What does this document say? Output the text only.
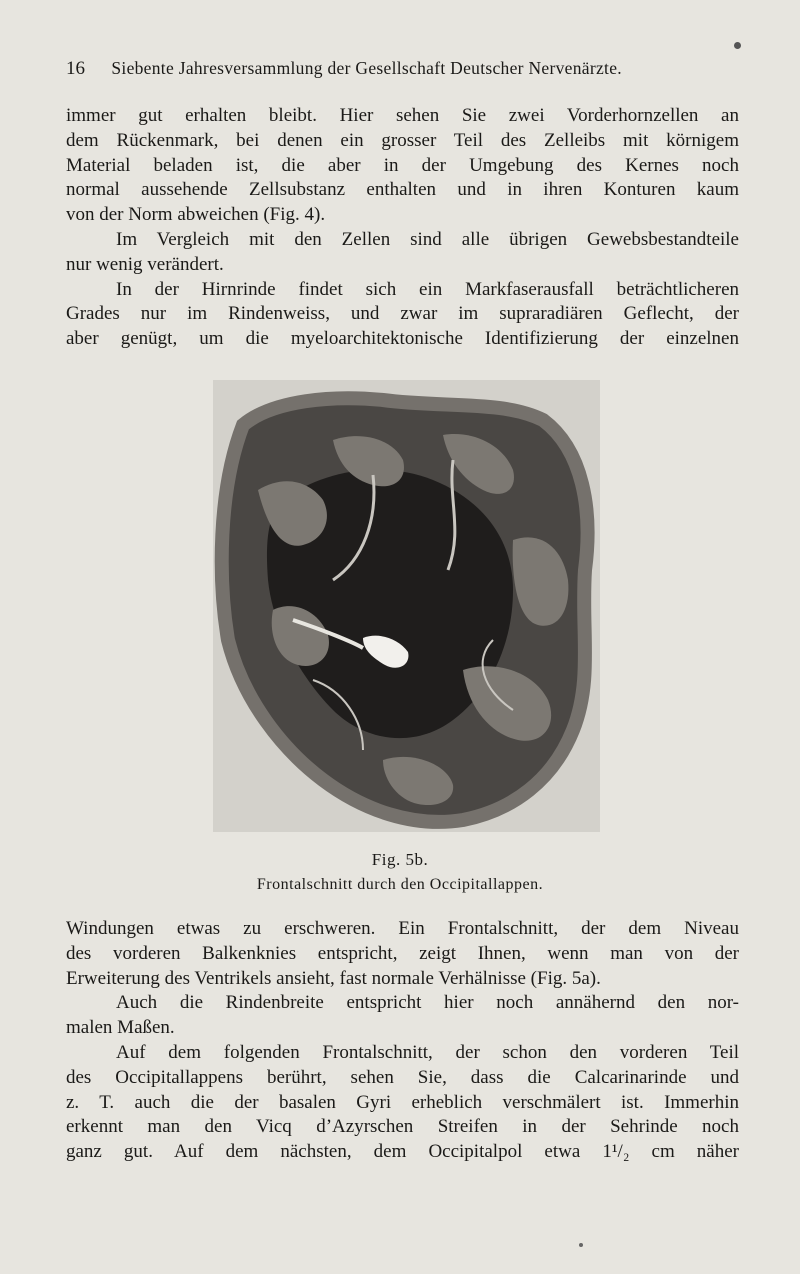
16 Siebente Jahresversammlung der Gesellschaft Deutscher Nervenärzte.
immer gut erhalten bleibt. Hier sehen Sie zwei Vorderhornzellen an
dem Rückenmark, bei denen ein grosser Teil des Zelleibs mit körnigem
Material beladen ist, die aber in der Umgebung des Kernes noch
normal aussehende Zellsubstanz enthalten und in ihren Konturen kaum
von der Norm abweichen (Fig. 4).
Im Vergleich mit den Zellen sind alle übrigen Gewebsbestandteile
nur wenig verändert.
In der Hirnrinde findet sich ein Markfaserausfall beträchtlicheren
Grades nur im Rindenweiss, und zwar im supraradiären Geflecht, der
aber genügt, um die myeloarchitektonische Identifizierung der einzelnen
Fig. 5b.
Frontalschnitt durch den Occipitallappen.
Windungen etwas zu erschweren. Ein Frontalschnitt, der dem Niveau
des vorderen Balkenknies entspricht, zeigt Ihnen, wenn man von der
Erweiterung des Ventrikels ansieht, fast normale Verhälnisse (Fig. 5a).
Auch die Rindenbreite entspricht hier noch annähernd den nor-
malen Maßen.
Auf dem folgenden Frontalschnitt, der schon den vorderen Teil
des Occipitallappens berührt, sehen Sie, dass die Calcarinarinde und
z. T. auch die der basalen Gyri erheblich verschmälert ist. Immerhin
erkennt man den Vicq d’Azyrschen Streifen in der Sehrinde noch
ganz gut. Auf dem nächsten, dem Occipitalpol etwa 1¹/₂ cm näher
